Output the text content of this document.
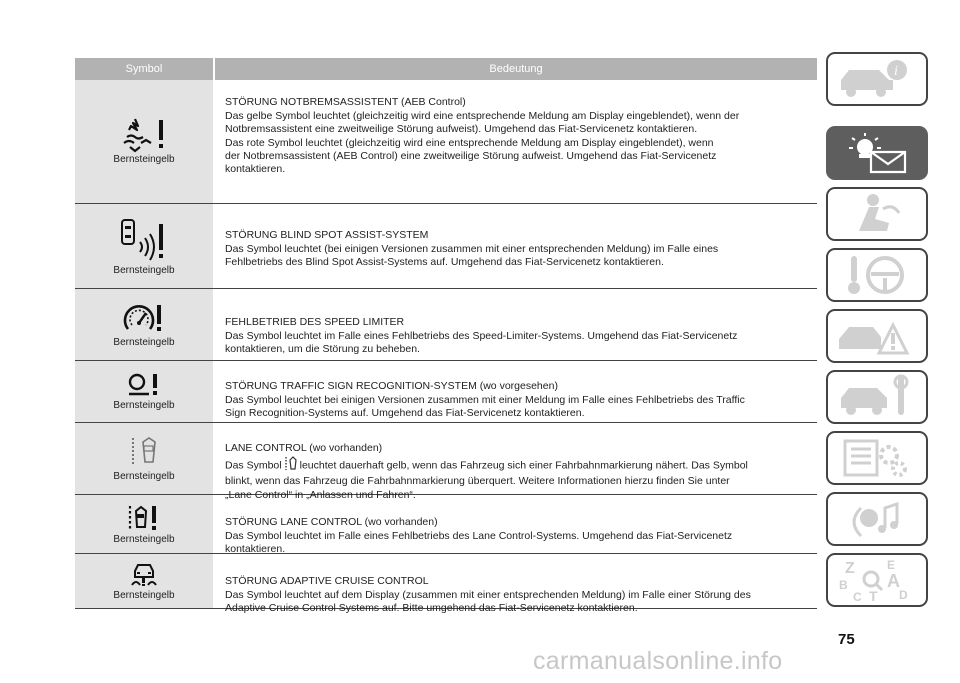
Symbol	Bedeutung
Bernsteingelb

STÖRUNG NOTBREMSASSISTENT (AEB Control)
Das gelbe Symbol leuchtet (gleichzeitig wird eine entsprechende Meldung am Display eingeblendet), wenn der
Notbremsassistent eine zweitweilige Störung aufweist). Umgehend das Fiat-Servicenetz kontaktieren.
Das rote Symbol leuchtet (gleichzeitig wird eine entsprechende Meldung am Display eingeblendet), wenn
der Notbremsassistent (AEB Control) eine zweitweilige Störung aufweist. Umgehend das Fiat-Servicenetz
kontaktieren.

Bernsteingelb

STÖRUNG BLIND SPOT ASSIST-SYSTEM
Das Symbol leuchtet (bei einigen Versionen zusammen mit einer entsprechenden Meldung) im Falle eines
Fehlbetriebs des Blind Spot Assist-Systems auf. Umgehend das Fiat-Servicenetz kontaktieren.

Bernsteingelb

FEHLBETRIEB DES SPEED LIMITER
Das Symbol leuchtet im Falle eines Fehlbetriebs des Speed-Limiter-Systems. Umgehend das Fiat-Servicenetz
kontaktieren, um die Störung zu beheben.

Bernsteingelb

STÖRUNG TRAFFIC SIGN RECOGNITION-SYSTEM (wo vorgesehen)
Das Symbol leuchtet bei einigen Versionen zusammen mit einer Meldung im Falle eines Fehlbetriebs des Traffic
Sign Recognition-Systems auf. Umgehend das Fiat-Servicenetz kontaktieren.

Bernsteingelb

LANE CONTROL (wo vorhanden)
Das Symbol leuchtet dauerhaft gelb, wenn das Fahrzeug sich einer Fahrbahnmarkierung nähert. Das Symbol
blinkt, wenn das Fahrzeug die Fahrbahnmarkierung überquert. Weitere Informationen hierzu finden Sie unter
„Lane Control“ in „Anlassen und Fahren“.

Bernsteingelb

STÖRUNG LANE CONTROL (wo vorhanden)
Das Symbol leuchtet im Falle eines Fehlbetriebs des Lane Control-Systems. Umgehend das Fiat-Servicenetz
kontaktieren.

Bernsteingelb

STÖRUNG ADAPTIVE CRUISE CONTROL
Das Symbol leuchtet auf dem Display (zusammen mit einer entsprechenden Meldung) im Falle einer Störung des
Adaptive Cruise Control Systems auf. Bitte umgehend das Fiat-Servicenetz kontaktieren.

i
Z	E
B A
C T D
75
carmanualsonline.info
